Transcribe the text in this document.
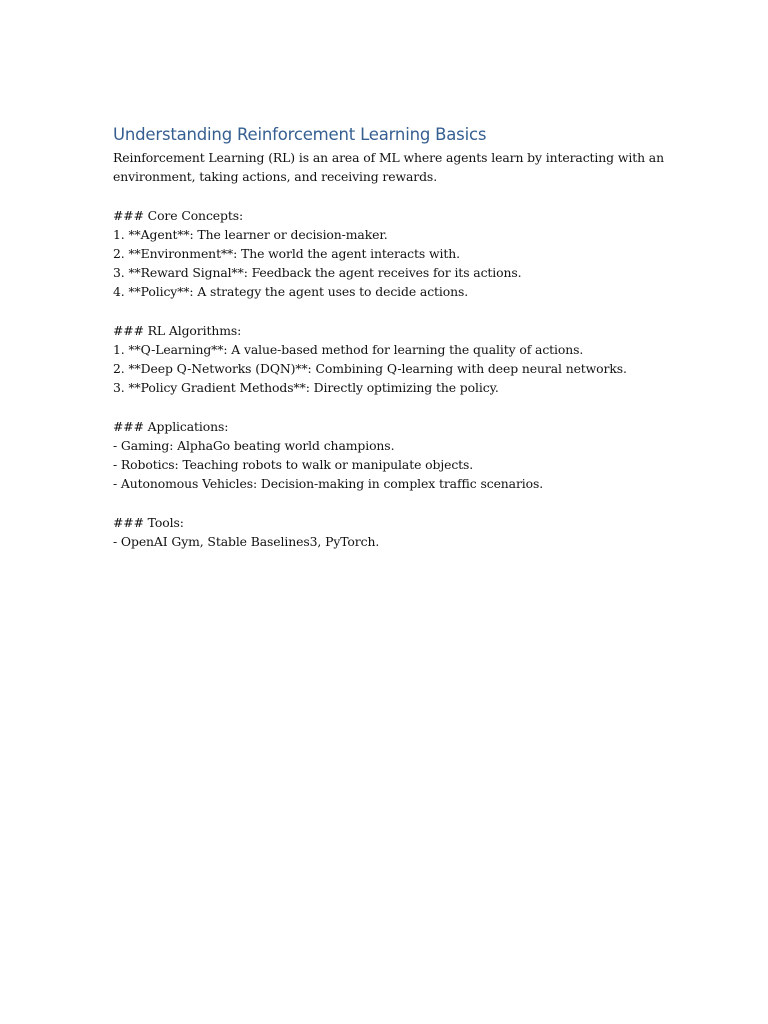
Understanding Reinforcement Learning Basics
Reinforcement Learning (RL) is an area of ML where agents learn by interacting with an
environment, taking actions, and receiving rewards.
### Core Concepts:
1. **Agent**: The learner or decision-maker.
2. **Environment**: The world the agent interacts with.
3. **Reward Signal**: Feedback the agent receives for its actions.
4. **Policy**: A strategy the agent uses to decide actions.
### RL Algorithms:
1. **Q-Learning**: A value-based method for learning the quality of actions.
2. **Deep Q-Networks (DQN)**: Combining Q-learning with deep neural networks.
3. **Policy Gradient Methods**: Directly optimizing the policy.
### Applications:
- Gaming: AlphaGo beating world champions.
- Robotics: Teaching robots to walk or manipulate objects.
- Autonomous Vehicles: Decision-making in complex traffic scenarios.
### Tools:
- OpenAI Gym, Stable Baselines3, PyTorch.
